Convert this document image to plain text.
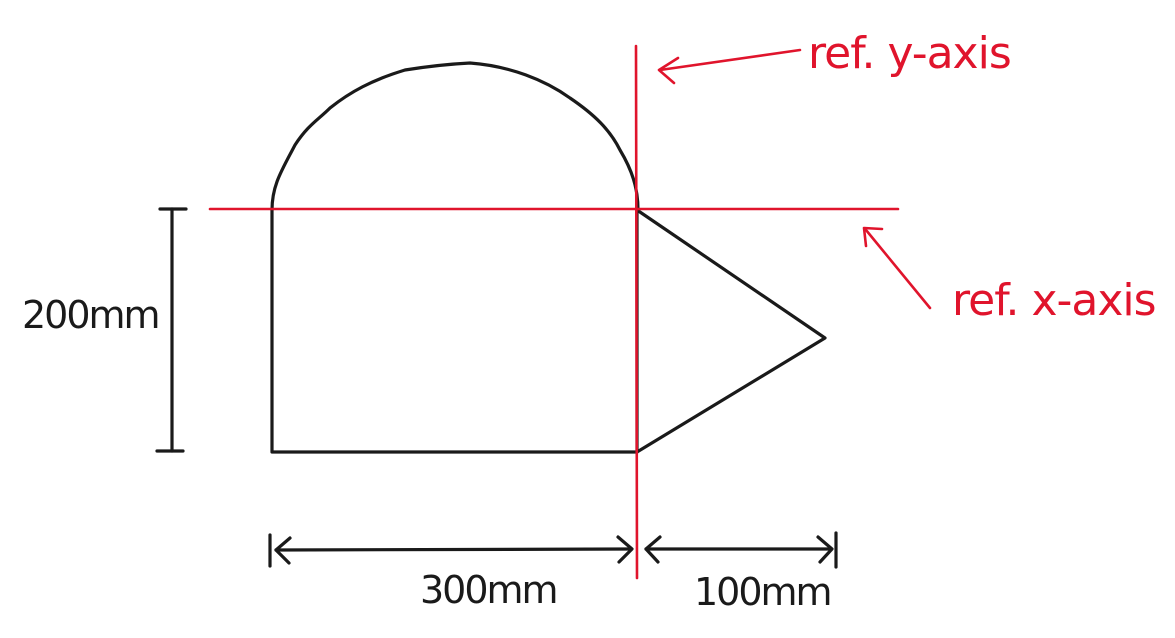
200mm
300mm	100mm
ref. y-axis
ref. x-axis
